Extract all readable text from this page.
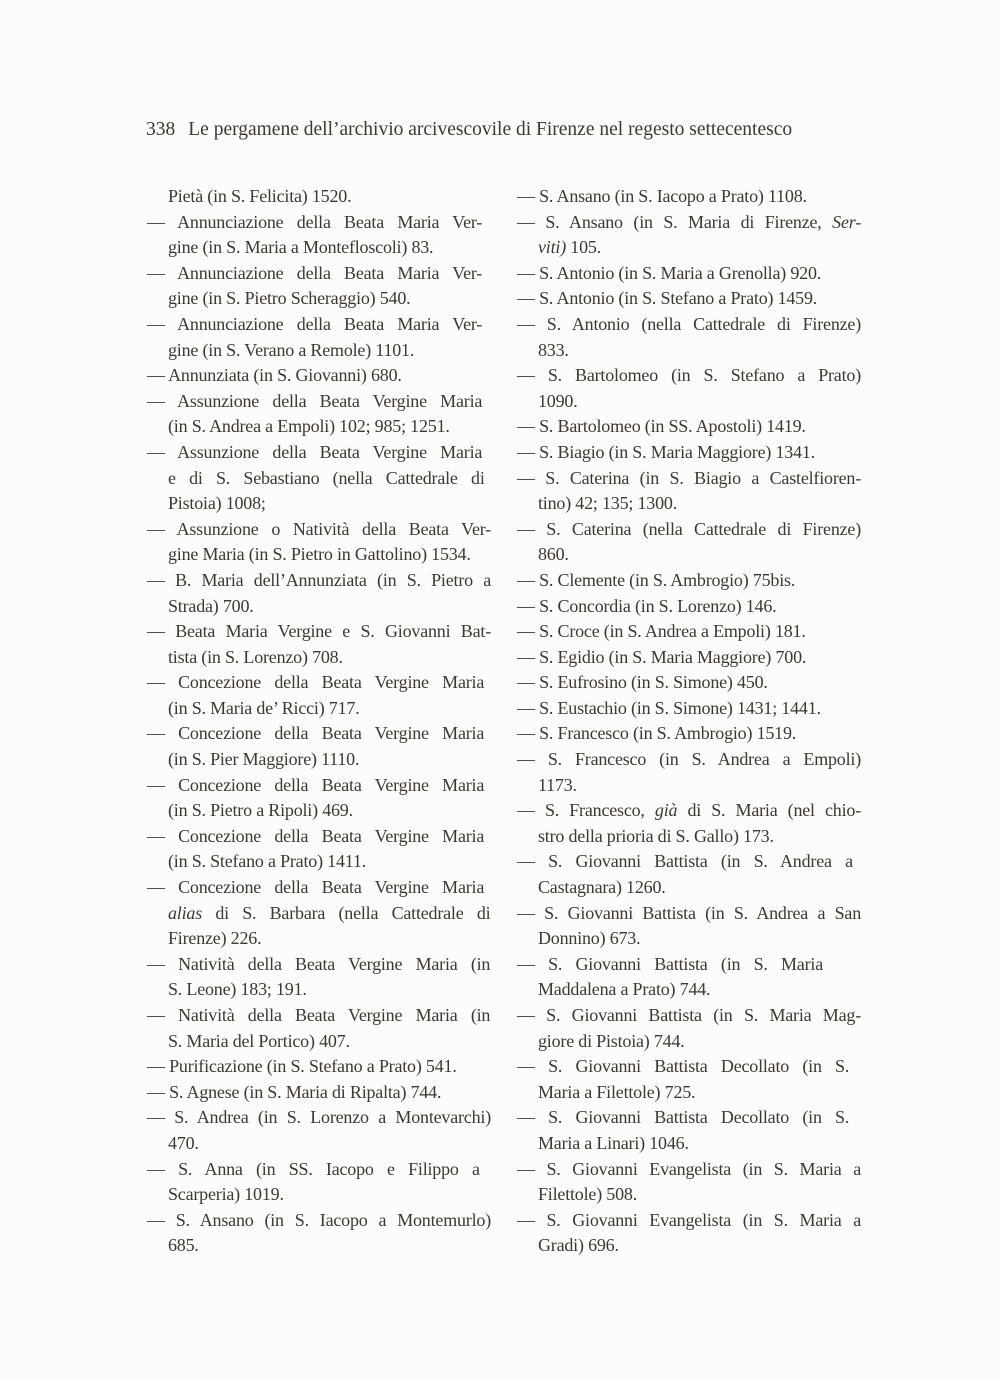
338 Le pergamene dell’archivio arcivescovile di Firenze nel regesto settecentesco
Pietà (in S. Felicita) 1520.
— Annunciazione della Beata Maria Ver-
gine (in S. Maria a Montefloscoli) 83.
— Annunciazione della Beata Maria Ver-
gine (in S. Pietro Scheraggio) 540.
— Annunciazione della Beata Maria Ver-
gine (in S. Verano a Remole) 1101.
— Annunziata (in S. Giovanni) 680.
— Assunzione della Beata Vergine Maria
(in S. Andrea a Empoli) 102; 985; 1251.
— Assunzione della Beata Vergine Maria
e di S. Sebastiano (nella Cattedrale di
Pistoia) 1008;
— Assunzione o Natività della Beata Ver-
gine Maria (in S. Pietro in Gattolino) 1534.
— B. Maria dell’Annunziata (in S. Pietro a
Strada) 700.
— Beata Maria Vergine e S. Giovanni Bat-
tista (in S. Lorenzo) 708.
— Concezione della Beata Vergine Maria
(in S. Maria de’ Ricci) 717.
— Concezione della Beata Vergine Maria
(in S. Pier Maggiore) 1110.
— Concezione della Beata Vergine Maria
(in S. Pietro a Ripoli) 469.
— Concezione della Beata Vergine Maria
(in S. Stefano a Prato) 1411.
— Concezione della Beata Vergine Maria
alias di S. Barbara (nella Cattedrale di
Firenze) 226.
— Natività della Beata Vergine Maria (in
S. Leone) 183; 191.
— Natività della Beata Vergine Maria (in
S. Maria del Portico) 407.
— Purificazione (in S. Stefano a Prato) 541.
— S. Agnese (in S. Maria di Ripalta) 744.
— S. Andrea (in S. Lorenzo a Montevarchi)
470.
— S. Anna (in SS. Iacopo e Filippo a
Scarperia) 1019.
— S. Ansano (in S. Iacopo a Montemurlo)
685.
— S. Ansano (in S. Iacopo a Prato) 1108.
— S. Ansano (in S. Maria di Firenze, Ser-
viti) 105.
— S. Antonio (in S. Maria a Grenolla) 920.
— S. Antonio (in S. Stefano a Prato) 1459.
— S. Antonio (nella Cattedrale di Firenze)
833.
— S. Bartolomeo (in S. Stefano a Prato)
1090.
— S. Bartolomeo (in SS. Apostoli) 1419.
— S. Biagio (in S. Maria Maggiore) 1341.
— S. Caterina (in S. Biagio a Castelfioren-
tino) 42; 135; 1300.
— S. Caterina (nella Cattedrale di Firenze)
860.
— S. Clemente (in S. Ambrogio) 75bis.
— S. Concordia (in S. Lorenzo) 146.
— S. Croce (in S. Andrea a Empoli) 181.
— S. Egidio (in S. Maria Maggiore) 700.
— S. Eufrosino (in S. Simone) 450.
— S. Eustachio (in S. Simone) 1431; 1441.
— S. Francesco (in S. Ambrogio) 1519.
— S. Francesco (in S. Andrea a Empoli)
1173.
— S. Francesco, già di S. Maria (nel chio-
stro della prioria di S. Gallo) 173.
— S. Giovanni Battista (in S. Andrea a
Castagnara) 1260.
— S. Giovanni Battista (in S. Andrea a San
Donnino) 673.
— S. Giovanni Battista (in S. Maria
Maddalena a Prato) 744.
— S. Giovanni Battista (in S. Maria Mag-
giore di Pistoia) 744.
— S. Giovanni Battista Decollato (in S.
Maria a Filettole) 725.
— S. Giovanni Battista Decollato (in S.
Maria a Linari) 1046.
— S. Giovanni Evangelista (in S. Maria a
Filettole) 508.
— S. Giovanni Evangelista (in S. Maria a
Gradi) 696.
